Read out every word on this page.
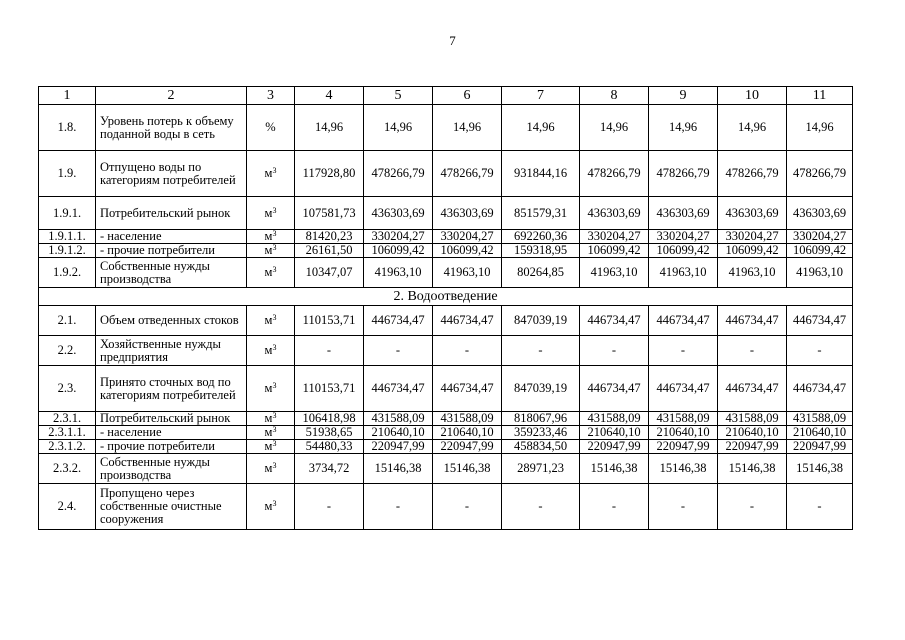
7
1	2	3	4	5	6	7	8	9	10	11
1.8.	Уровень потерь к объему поданной воды в сеть	%	14,96	14,96	14,96	14,96	14,96	14,96	14,96	14,96
1.9.	Отпущено воды по категориям потребителей	$м^3$	117928,80	478266,79	478266,79	931844,16	478266,79	478266,79	478266,79	478266,79
1.9.1.	Потребительский рынок	$м^3$	107581,73	436303,69	436303,69	851579,31	436303,69	436303,69	436303,69	436303,69
1.9.1.1.	- население	$м^3$	81420,23	330204,27	330204,27	692260,36	330204,27	330204,27	330204,27	330204,27
1.9.1.2.	- прочие потребители	$м^3$	26161,50	106099,42	106099,42	159318,95	106099,42	106099,42	106099,42	106099,42
1.9.2.	Собственные нужды производства	$м^3$	10347,07	41963,10	41963,10	80264,85	41963,10	41963,10	41963,10	41963,10
2. Водоотведение										
2.1.	Объем отведенных стоков	$м^3$	110153,71	446734,47	446734,47	847039,19	446734,47	446734,47	446734,47	446734,47
2.2.	Хозяйственные нужды предприятия	$м^3$	-	-	-	-	-	-	-	-
2.3.	Принято сточных вод по категориям потребителей	$м^3$	110153,71	446734,47	446734,47	847039,19	446734,47	446734,47	446734,47	446734,47
2.3.1.	Потребительский рынок	$м^3$	106418,98	431588,09	431588,09	818067,96	431588,09	431588,09	431588,09	431588,09
2.3.1.1.	- население	$м^3$	51938,65	210640,10	210640,10	359233,46	210640,10	210640,10	210640,10	210640,10
2.3.1.2.	- прочие потребители	$м^3$	54480,33	220947,99	220947,99	458834,50	220947,99	220947,99	220947,99	220947,99
2.3.2.	Собственные нужды производства	$м^3$	3734,72	15146,38	15146,38	28971,23	15146,38	15146,38	15146,38	15146,38
2.4.	Пропущено через собственные очистные сооружения	$м^3$	-	-	-	-	-	-	-	-
